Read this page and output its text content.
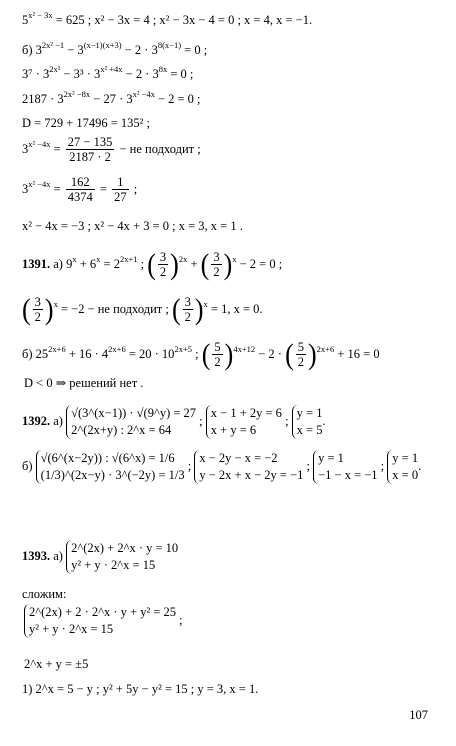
$5^{x^2 - 3x} = 625$ ; x² − 3x = 4 ; x² − 3x − 4 = 0 ; x = 4, x = −1.
б) $3^{2x^2 -1} - 3^{(x-1)(x+3)} - 2 \cdot 3^{8(x-1)} = 0$ ;
$3^7 \cdot 3^{2x^2} - 3^3 \cdot 3^{x^2 +4x} - 2 \cdot 3^{8x} = 0$ ;
$2187 \cdot 3^{2x^2 -8x} - 27 \cdot 3^{x^2 -4x} - 2 = 0$ ;
D = 729 + 17496 = 135² ;
$3^{x^2 -4x} = \frac{27 - 135}{2187 \cdot 2}$ − не подходит ;
$3^{x^2 -4x} = \frac{162}{4374} = \frac{1}{27}$ ;
x² − 4x = −3 ; x² − 4x + 3 = 0 ; x = 3, x = 1 .
1391. а) $9^x + 6^x = 2^{2x+1}$ ; ( $\frac{3}{2} )^{2x}$ + ( $\frac{3}{2} )^x - 2 = 0$ ;
( $\frac{3}{2} )^x = -2$ − не подходит ; ( $\frac{3}{2} )^x = 1$, x = 0.
б) $25^{2x+6} + 16 \cdot 4^{2x+6} = 20 \cdot 10^{2x+5}$ ; ( $\frac{5}{2} )^{4x+12} - 2$ · ( $\frac{5}{2} )^{2x+6} + 16 = 0$
D < 0 ⇒ решений нет .
1392. а)
√(3^(x−1)) · √(9^y) = 27
2^(2x+y) : 2^x = 64
;
x − 1 + 2y = 6
x + y = 6
;
y = 1
x = 5
.
б)
√(6^(x−2y)) : √(6^x) = 1/6
(1/3)^(2x−y) · 3^(−2y) = 1/3
;
x − 2y − x = −2
y − 2x + x − 2y = −1
;
y = 1
−1 − x = −1
;
y = 1
x = 0
.
1393. а)
2^(2x) + 2^x · y = 10
y² + y · 2^x = 15
сложим:
2^(2x) + 2 · 2^x · y + y² = 25
y² + y · 2^x = 15
;
2^x + y = ±5
1) 2^x = 5 − y ; y² + 5y − y² = 15 ; y = 3, x = 1.
107
